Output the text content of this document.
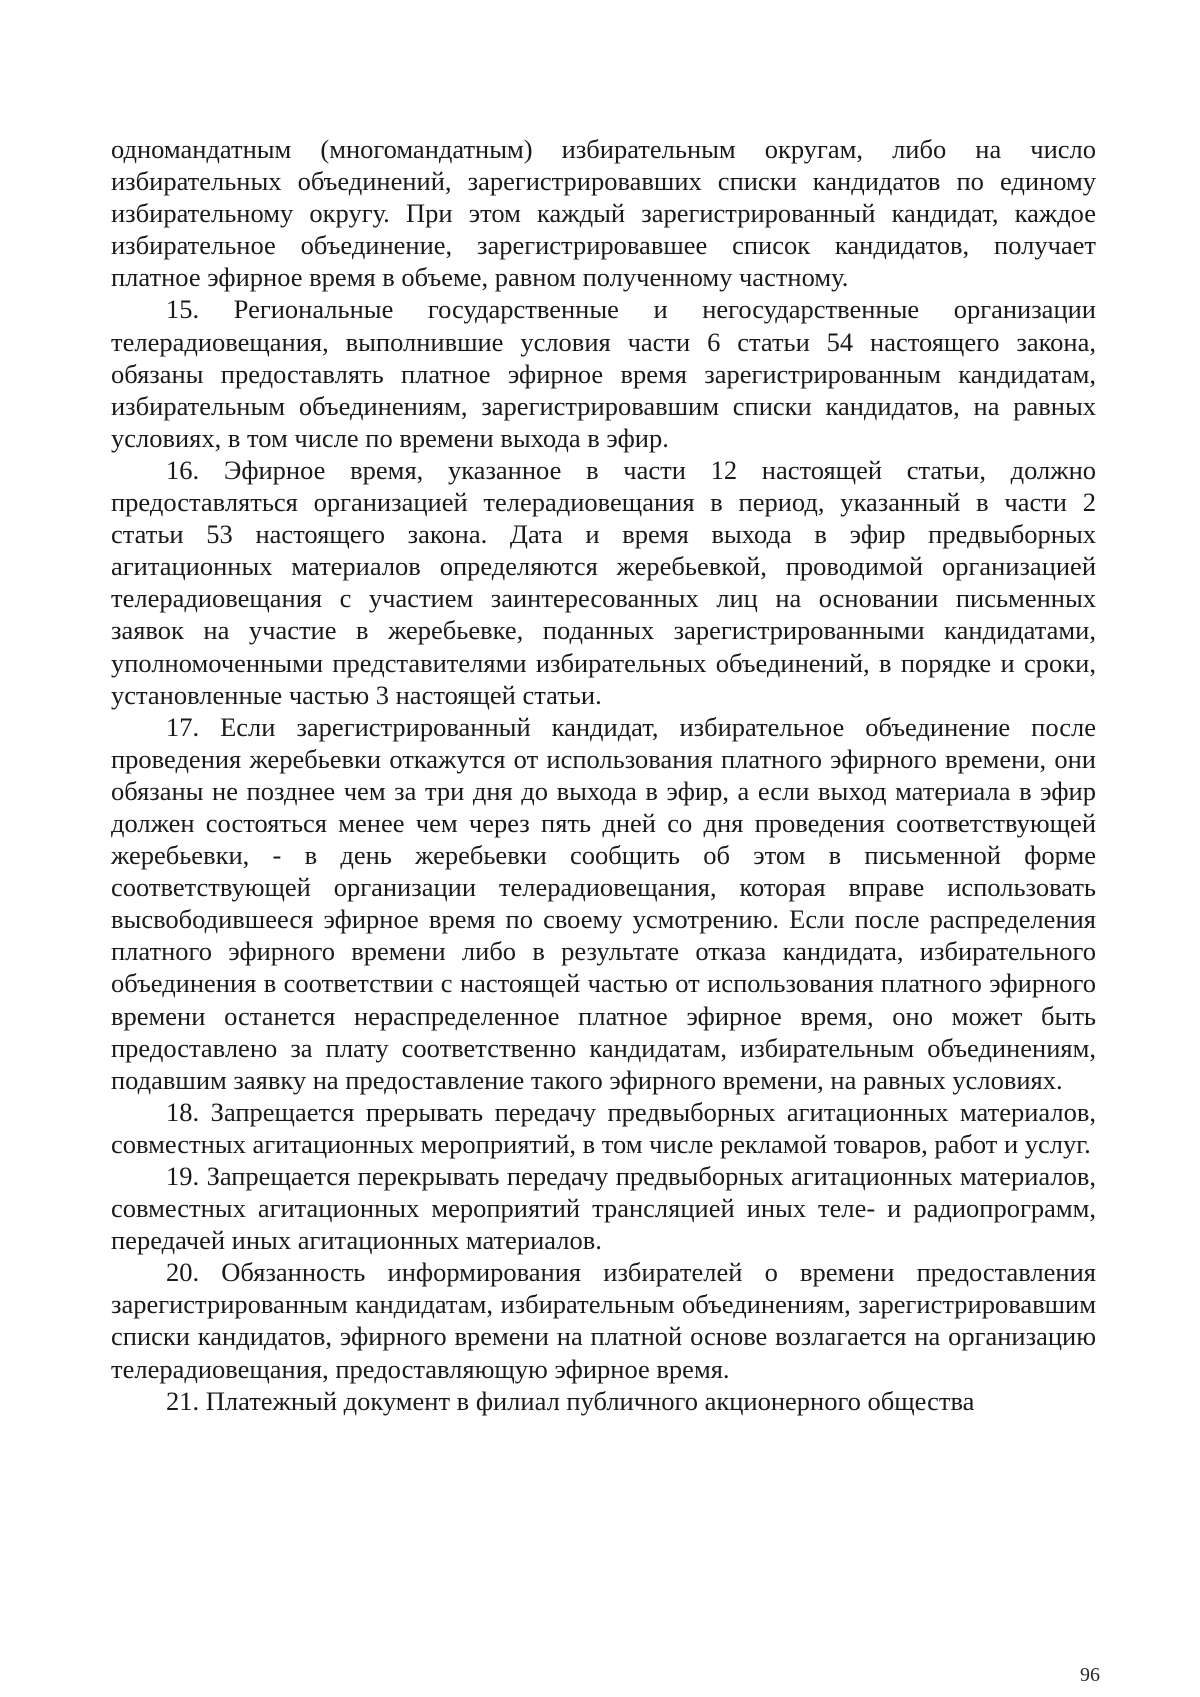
одномандатным (многомандатным) избирательным округам, либо на число избирательных объединений, зарегистрировавших списки кандидатов по единому избирательному округу. При этом каждый зарегистрированный кандидат, каждое избирательное объединение, зарегистрировавшее список кандидатов, получает платное эфирное время в объеме, равном полученному частному.

15. Региональные государственные и негосударственные организации телерадиовещания, выполнившие условия части 6 статьи 54 настоящего закона, обязаны предоставлять платное эфирное время зарегистрированным кандидатам, избирательным объединениям, зарегистрировавшим списки кандидатов, на равных условиях, в том числе по времени выхода в эфир.

16. Эфирное время, указанное в части 12 настоящей статьи, должно предоставляться организацией телерадиовещания в период, указанный в части 2 статьи 53 настоящего закона. Дата и время выхода в эфир предвыборных агитационных материалов определяются жеребьевкой, проводимой организацией телерадиовещания с участием заинтересованных лиц на основании письменных заявок на участие в жеребьевке, поданных зарегистрированными кандидатами, уполномоченными представителями избирательных объединений, в порядке и сроки, установленные частью 3 настоящей статьи.

17. Если зарегистрированный кандидат, избирательное объединение после проведения жеребьевки откажутся от использования платного эфирного времени, они обязаны не позднее чем за три дня до выхода в эфир, а если выход материала в эфир должен состояться менее чем через пять дней со дня проведения соответствующей жеребьевки, - в день жеребьевки сообщить об этом в письменной форме соответствующей организации телерадиовещания, которая вправе использовать высвободившееся эфирное время по своему усмотрению. Если после распределения платного эфирного времени либо в результате отказа кандидата, избирательного объединения в соответствии с настоящей частью от использования платного эфирного времени останется нераспределенное платное эфирное время, оно может быть предоставлено за плату соответственно кандидатам, избирательным объединениям, подавшим заявку на предоставление такого эфирного времени, на равных условиях.

18. Запрещается прерывать передачу предвыборных агитационных материалов, совместных агитационных мероприятий, в том числе рекламой товаров, работ и услуг.

19. Запрещается перекрывать передачу предвыборных агитационных материалов, совместных агитационных мероприятий трансляцией иных теле- и радиопрограмм, передачей иных агитационных материалов.

20. Обязанность информирования избирателей о времени предоставления зарегистрированным кандидатам, избирательным объединениям, зарегистрировавшим списки кандидатов, эфирного времени на платной основе возлагается на организацию телерадиовещания, предоставляющую эфирное время.

21. Платежный документ в филиал публичного акционерного общества

96
